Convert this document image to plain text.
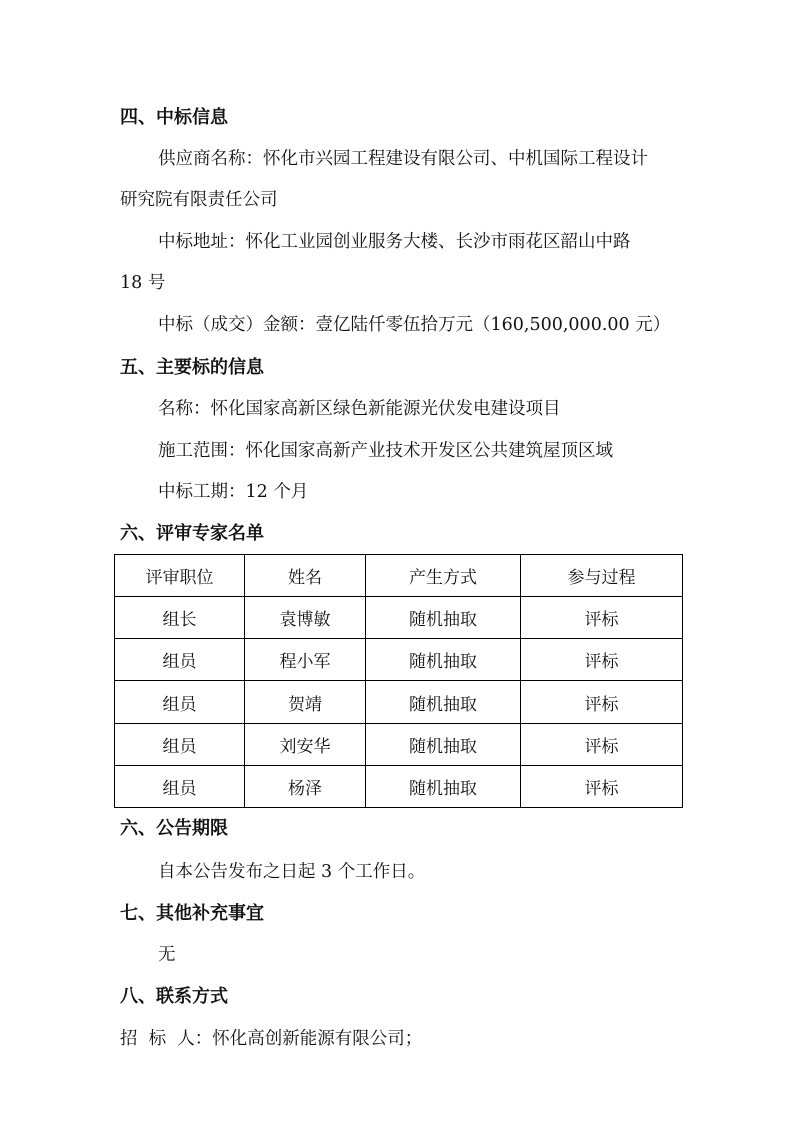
四、中标信息
供应商名称：怀化市兴园工程建设有限公司、中机国际工程设计
研究院有限责任公司
中标地址：怀化工业园创业服务大楼、长沙市雨花区韶山中路
18 号
中标（成交）金额：壹亿陆仟零伍拾万元（160,500,000.00 元）
五、主要标的信息
名称：怀化国家高新区绿色新能源光伏发电建设项目
施工范围：怀化国家高新产业技术开发区公共建筑屋顶区域
中标工期：12 个月
六、评审专家名单
评审职位	姓名	产生方式	参与过程
组长	袁博敏	随机抽取	评标
组员	程小军	随机抽取	评标
组员	贺靖	随机抽取	评标
组员	刘安华	随机抽取	评标
组员	杨泽	随机抽取	评标
六、公告期限
自本公告发布之日起 3 个工作日。
七、其他补充事宜
无
八、联系方式
招  标  人：怀化高创新能源有限公司；
